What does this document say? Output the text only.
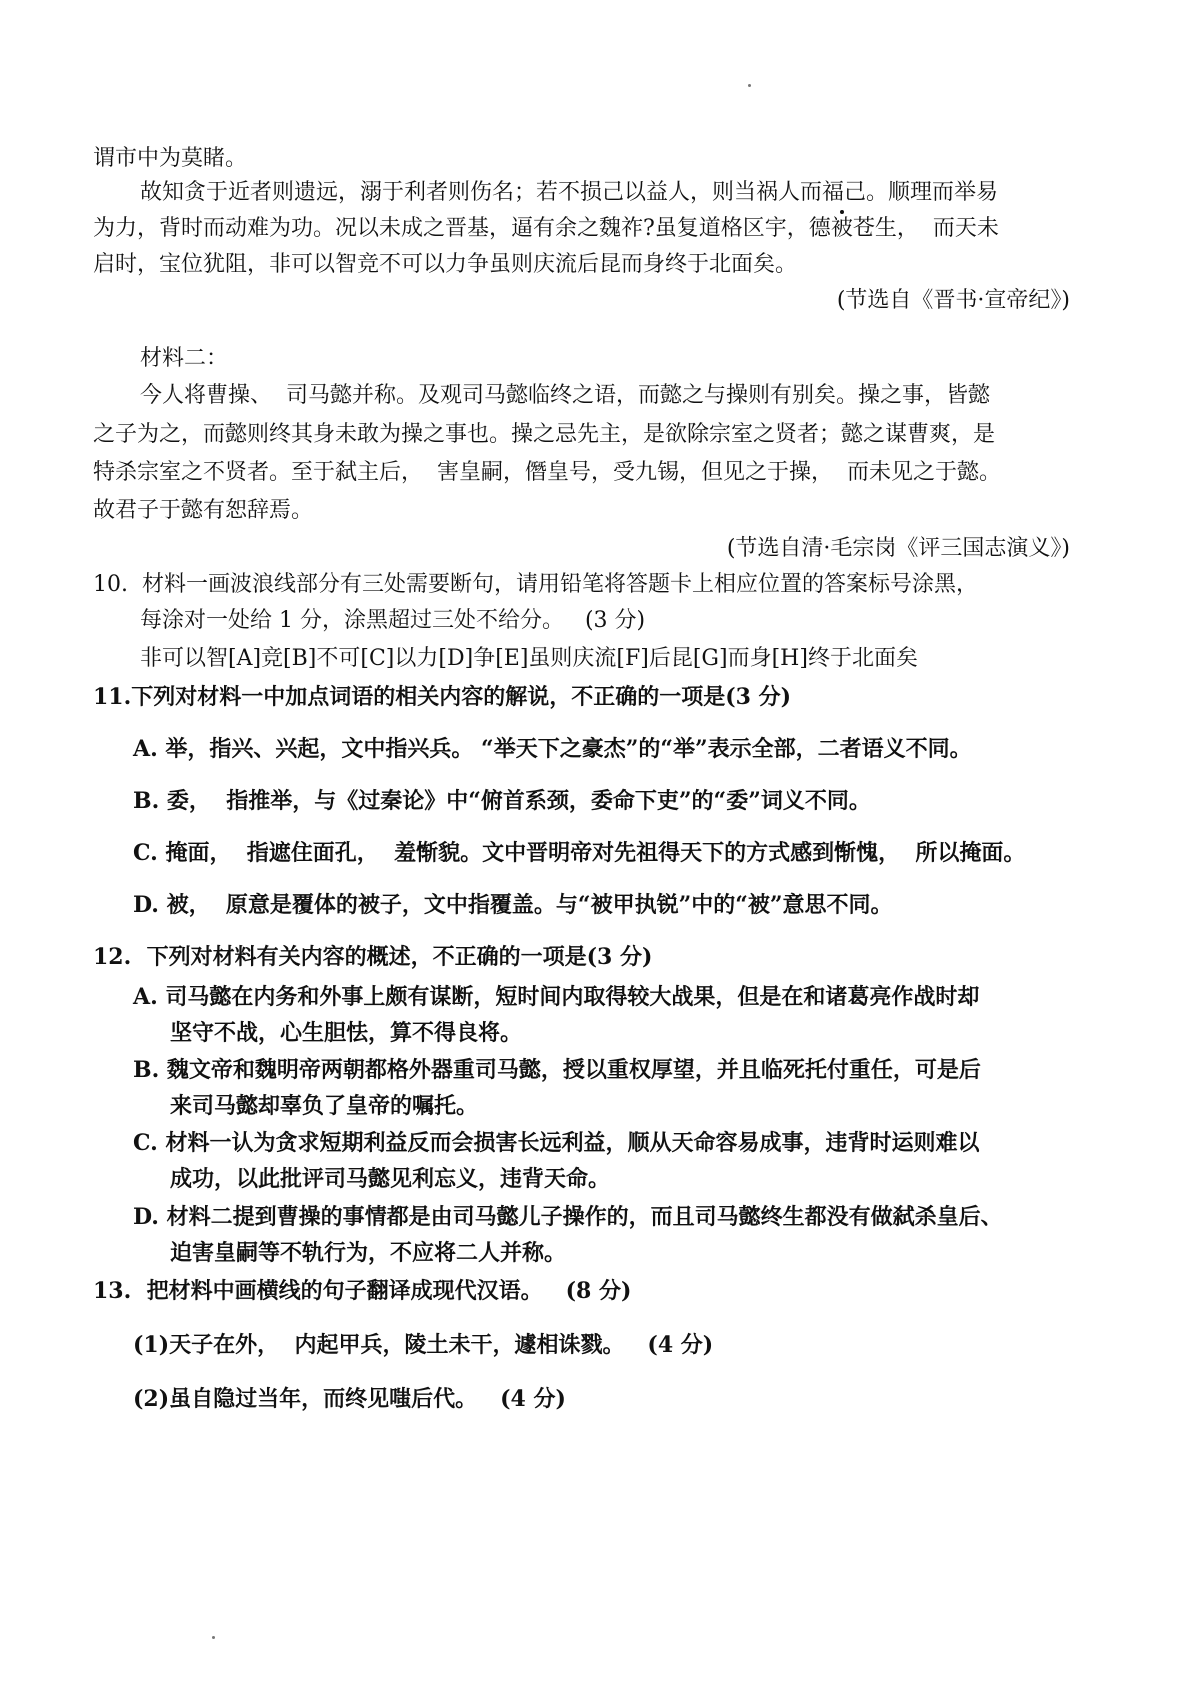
谓市中为莫睹。
故知贪于近者则遗远，溺于利者则伤名；若不损己以益人，则当祸人而福己。顺理而举易
为力，背时而动难为功。况以未成之晋基，逼有余之魏祚?虽复道格区宇，德被苍生，  而天未
启时，宝位犹阻，非可以智竞不可以力争虽则庆流后昆而身终于北面矣。
(节选自《晋书·宣帝纪》)
材料二：
今人将曹操、  司马懿并称。及观司马懿临终之语，而懿之与操则有别矣。操之事，皆懿
之子为之，而懿则终其身未敢为操之事也。操之忌先主，是欲除宗室之贤者；懿之谋曹爽，是
特杀宗室之不贤者。至于弑主后，  害皇嗣，僭皇号，受九锡，但见之于操，  而未见之于懿。
故君子于懿有恕辞焉。
(节选自清·毛宗岗《评三国志演义》)
10.  材料一画波浪线部分有三处需要断句，请用铅笔将答题卡上相应位置的答案标号涂黑，
每涂对一处给 1 分，涂黑超过三处不给分。   (3 分)
非可以智[A]竞[B]不可[C]以力[D]争[E]虽则庆流[F]后昆[G]而身[H]终于北面矣
11.下列对材料一中加点词语的相关内容的解说，不正确的一项是(3 分)
A. 举，指兴、兴起，文中指兴兵。 “举天下之豪杰”的“举”表示全部，二者语义不同。
B. 委，  指推举，与《过秦论》中“俯首系颈，委命下吏”的“委”词义不同。
C. 掩面，  指遮住面孔，  羞惭貌。文中晋明帝对先祖得天下的方式感到惭愧，  所以掩面。
D. 被，  原意是覆体的被子，文中指覆盖。与“被甲执锐”中的“被”意思不同。
12.  下列对材料有关内容的概述，不正确的一项是(3 分)
A. 司马懿在内务和外事上颇有谋断，短时间内取得较大战果，但是在和诸葛亮作战时却
坚守不战，心生胆怯，算不得良将。
B. 魏文帝和魏明帝两朝都格外器重司马懿，授以重权厚望，并且临死托付重任，可是后
来司马懿却辜负了皇帝的嘱托。
C. 材料一认为贪求短期利益反而会损害长远利益，顺从天命容易成事，违背时运则难以
成功，以此批评司马懿见利忘义，违背天命。
D. 材料二提到曹操的事情都是由司马懿儿子操作的，而且司马懿终生都没有做弑杀皇后、
迫害皇嗣等不轨行为，不应将二人并称。
13.  把材料中画横线的句子翻译成现代汉语。   (8 分)
(1)天子在外，  内起甲兵，陵土未干，遽相诛戮。   (4 分)
(2)虽自隐过当年，而终见嗤后代。   (4 分)
